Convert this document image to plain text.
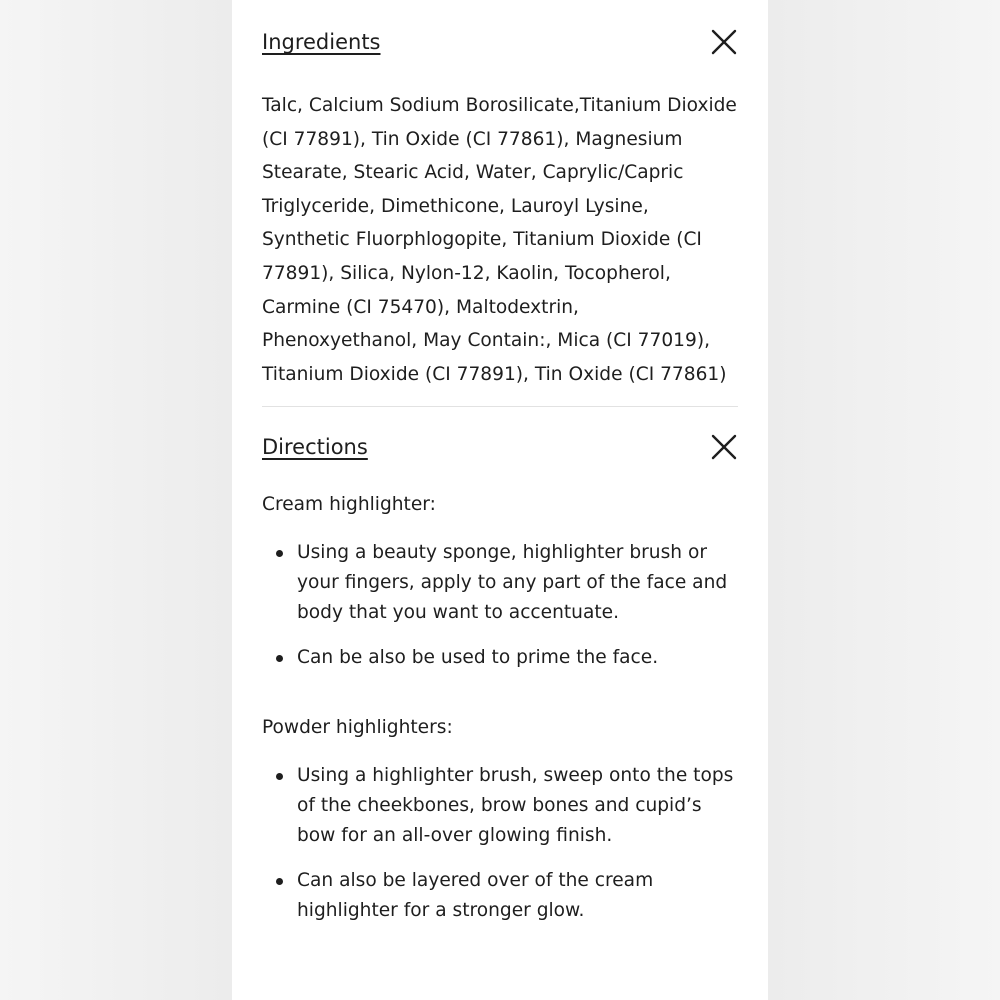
Ingredients

Talc, Calcium Sodium Borosilicate,Titanium Dioxide (CI 77891), Tin Oxide (CI 77861), Magnesium Stearate, Stearic Acid, Water, Caprylic/Capric Triglyceride, Dimethicone, Lauroyl Lysine, Synthetic Fluorphlogopite, Titanium Dioxide (CI 77891), Silica, Nylon-12, Kaolin, Tocopherol, Carmine (CI 75470), Maltodextrin, Phenoxyethanol, May Contain:, Mica (CI 77019), Titanium Dioxide (CI 77891), Tin Oxide (CI 77861)

Directions

Cream highlighter:

Using a beauty sponge, highlighter brush or your fingers, apply to any part of the face and body that you want to accentuate.
Can be also be used to prime the face.

Powder highlighters:

Using a highlighter brush, sweep onto the tops of the cheekbones, brow bones and cupid’s bow for an all-over glowing finish.
Can also be layered over of the cream highlighter for a stronger glow.
